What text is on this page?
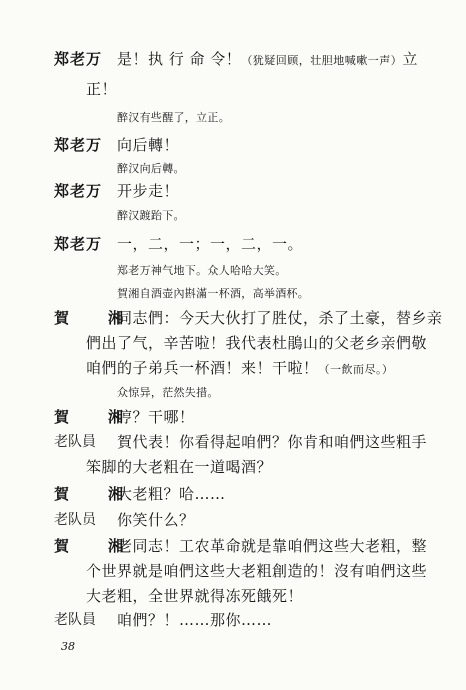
郑老万 是！执 行 命 令！（犹疑回顾，壮胆地喊嗽一声）立
正！
醉汉有些醒了，立正。
郑老万 向后轉！
醉汉向后轉。
郑老万 开步走！
醉汉踱跆下。
郑老万 一，二，一；一，二，一。
郑老万神气地下。众人哈哈大笑。
賀湘自酒壶內斟滿一杯酒，高举酒杯。
賀　湘
同志們：今天大伙打了胜仗，杀了土豪，替乡亲
們出了气，辛苦啦！我代表杜鵑山的父老乡亲們敬
咱們的子弟兵一杯酒！来！干啦！（一飲而尽。）
众惊异，茫然失措。
賀　湘
哼？干哪！
老队員 賀代表！你看得起咱們？你肯和咱們这些粗手
笨脚的大老粗在一道喝酒？
賀　湘
大老粗？哈……
老队员 你笑什么？
賀　湘
老同志！工农革命就是靠咱們这些大老粗，整
个世界就是咱們这些大老粗創造的！沒有咱們这些
大老粗，全世界就得冻死餓死！
老队員 咱們？！……那你……
38
